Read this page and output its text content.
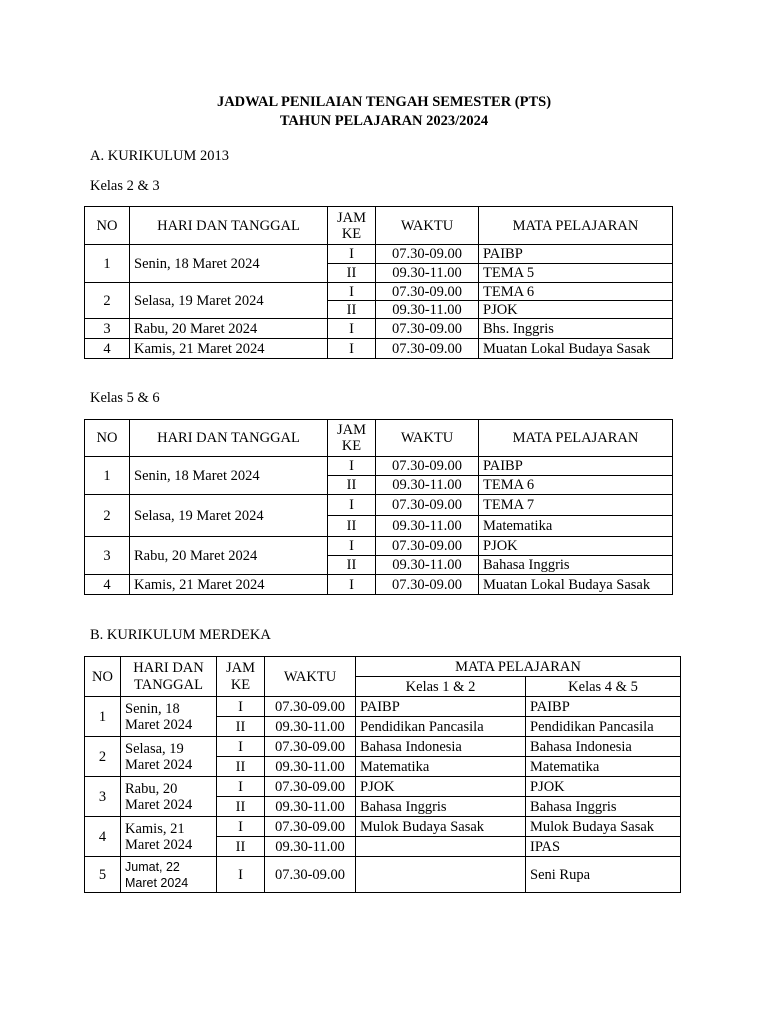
JADWAL PENILAIAN TENGAH SEMESTER (PTS)
TAHUN PELAJARAN 2023/2024
A. KURIKULUM 2013
Kelas 2 & 3
NO	HARI DAN TANGGAL	JAM KE	WAKTU	MATA PELAJARAN
1	Senin, 18 Maret 2024	I	07.30-09.00	PAIBP
		II	09.30-11.00	TEMA 5
2	Selasa, 19 Maret 2024	I	07.30-09.00	TEMA 6
		II	09.30-11.00	PJOK
3	Rabu, 20 Maret 2024	I	07.30-09.00	Bhs. Inggris
4	Kamis, 21 Maret 2024	I	07.30-09.00	Muatan Lokal Budaya Sasak
Kelas 5 & 6
NO	HARI DAN TANGGAL	JAM KE	WAKTU	MATA PELAJARAN
1	Senin, 18 Maret 2024	I	07.30-09.00	PAIBP
		II	09.30-11.00	TEMA 6
2	Selasa, 19 Maret 2024	I	07.30-09.00	TEMA 7
		II	09.30-11.00	Matematika
3	Rabu, 20 Maret 2024	I	07.30-09.00	PJOK
		II	09.30-11.00	Bahasa Inggris
4	Kamis, 21 Maret 2024	I	07.30-09.00	Muatan Lokal Budaya Sasak
B. KURIKULUM MERDEKA
NO	HARI DAN TANGGAL	JAM KE	WAKTU	MATA PELAJARAN	
				Kelas 1 & 2	Kelas 4 & 5
1	Senin, 18 Maret 2024	I	07.30-09.00	PAIBP	PAIBP
		II	09.30-11.00	Pendidikan Pancasila	Pendidikan Pancasila
2	Selasa, 19 Maret 2024	I	07.30-09.00	Bahasa Indonesia	Bahasa Indonesia
		II	09.30-11.00	Matematika	Matematika
3	Rabu, 20 Maret 2024	I	07.30-09.00	PJOK	PJOK
		II	09.30-11.00	Bahasa Inggris	Bahasa Inggris
4	Kamis, 21 Maret 2024	I	07.30-09.00	Mulok Budaya Sasak	Mulok Budaya Sasak
		II	09.30-11.00		IPAS
5	Jumat, 22 Maret 2024	I	07.30-09.00		Seni Rupa
